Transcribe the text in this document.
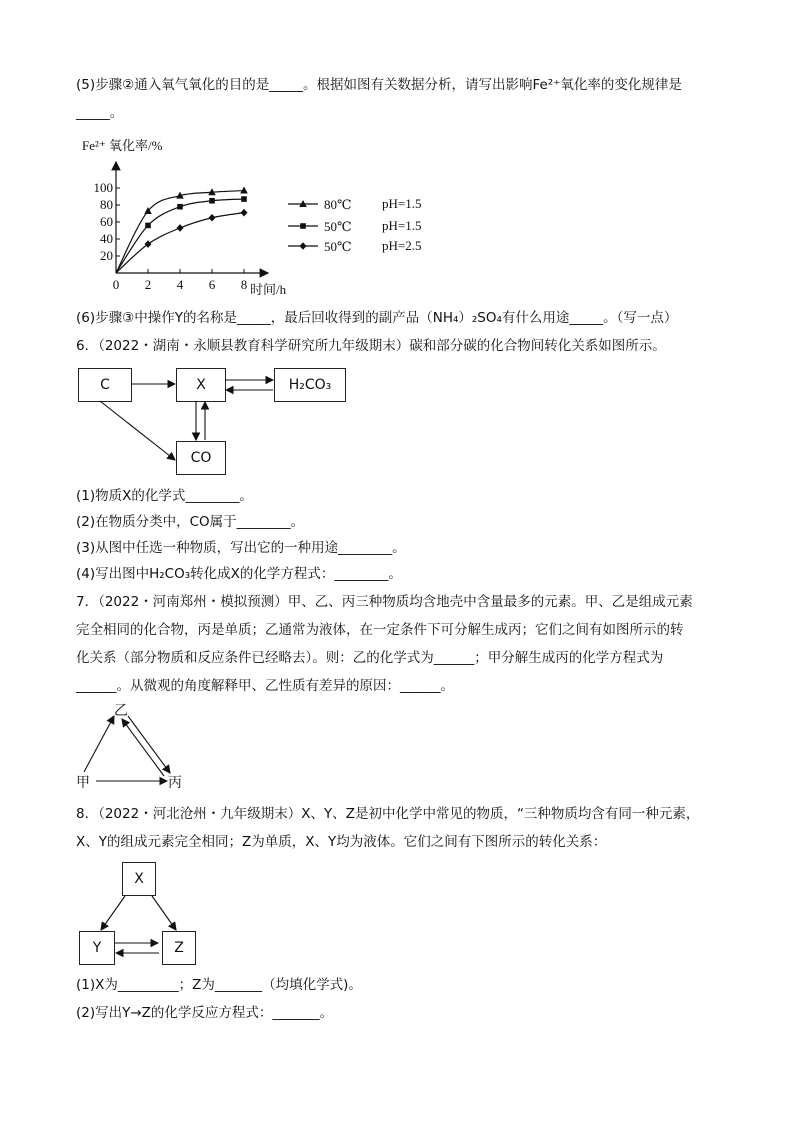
(5)步骤②通入氧气氧化的目的是_____。根据如图有关数据分析，请写出影响Fe²⁺氧化率的变化规律是
_____。
Fe²⁺ 氧化率/%
20
40
60
80
100
0 2 4 6 8 时间/h
80℃ pH=1.5
50℃ pH=1.5
50℃ pH=2.5
(6)步骤③中操作Y的名称是_____，最后回收得到的副产品（NH₄）₂SO₄有什么用途_____。（写一点）
6．（2022・湖南・永顺县教育科学研究所九年级期末）碳和部分碳的化合物间转化关系如图所示。
C	X	H₂CO₃
CO
(1)物质X的化学式________。
(2)在物质分类中，CO属于________。
(3)从图中任选一种物质，写出它的一种用途________。
(4)写出图中H₂CO₃转化成X的化学方程式：________。
7．（2022・河南郑州・模拟预测）甲、乙、丙三种物质均含地壳中含量最多的元素。甲、乙是组成元素
完全相同的化合物，丙是单质；乙通常为液体，在一定条件下可分解生成丙；它们之间有如图所示的转
化关系（部分物质和反应条件已经略去）。则：乙的化学式为______；甲分解生成丙的化学方程式为
______。从微观的角度解释甲、乙性质有差异的原因：______。
乙
甲	丙
8．（2022・河北沧州・九年级期末）X、Y、Z是初中化学中常见的物质，“三种物质均含有同一种元素，
X、Y的组成元素完全相同；Z为单质，X、Y均为液体。它们之间有下图所示的转化关系：
X
Y	Z
(1)X为_________；Z为_______（均填化学式)。
(2)写出Y→Z的化学反应方程式：_______。
